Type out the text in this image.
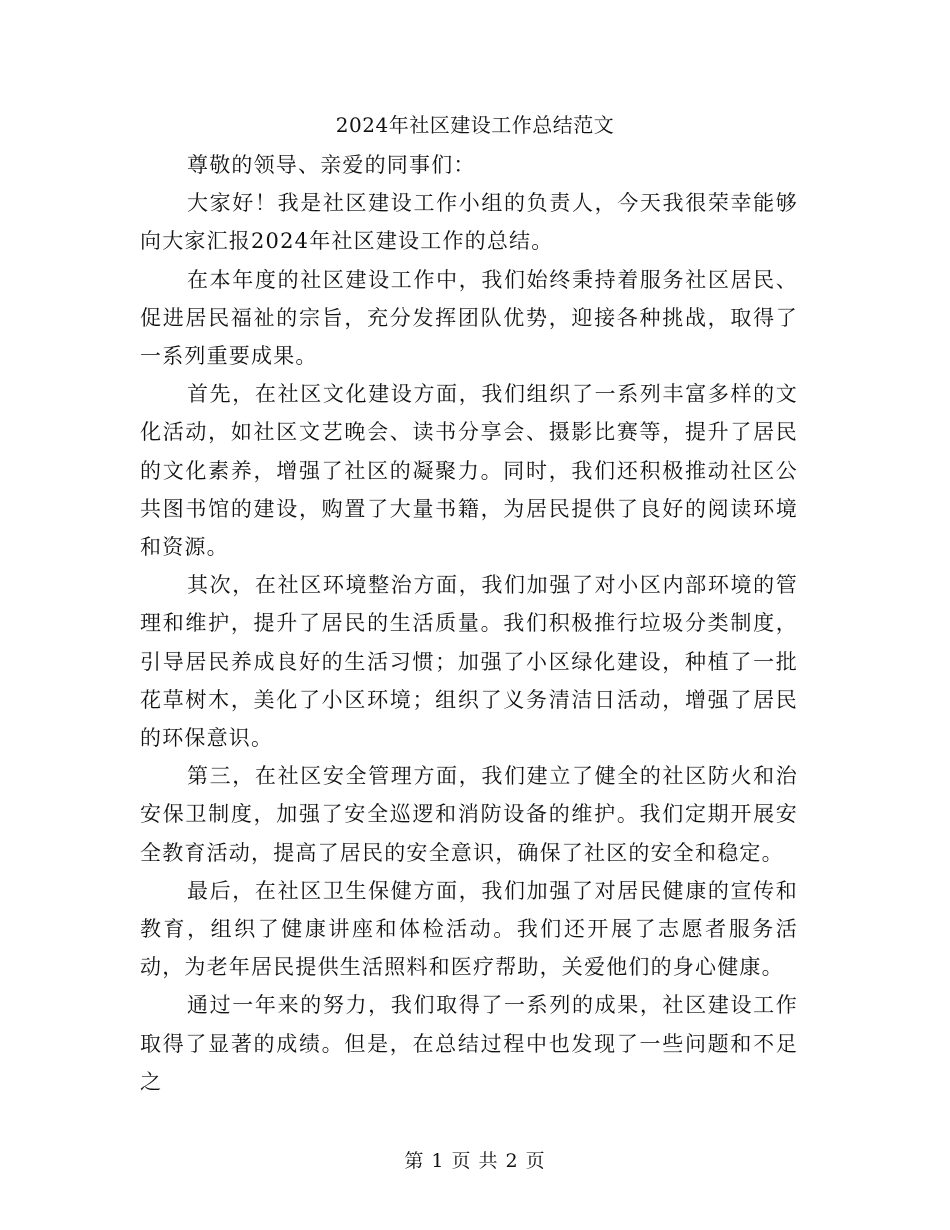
2024年社区建设工作总结范文

尊敬的领导、亲爱的同事们：

大家好！我是社区建设工作小组的负责人，今天我很荣幸能够向大家汇报2024年社区建设工作的总结。

在本年度的社区建设工作中，我们始终秉持着服务社区居民、促进居民福祉的宗旨，充分发挥团队优势，迎接各种挑战，取得了一系列重要成果。

首先，在社区文化建设方面，我们组织了一系列丰富多样的文化活动，如社区文艺晚会、读书分享会、摄影比赛等，提升了居民的文化素养，增强了社区的凝聚力。同时，我们还积极推动社区公共图书馆的建设，购置了大量书籍，为居民提供了良好的阅读环境和资源。

其次，在社区环境整治方面，我们加强了对小区内部环境的管理和维护，提升了居民的生活质量。我们积极推行垃圾分类制度，引导居民养成良好的生活习惯；加强了小区绿化建设，种植了一批花草树木，美化了小区环境；组织了义务清洁日活动，增强了居民的环保意识。

第三，在社区安全管理方面，我们建立了健全的社区防火和治安保卫制度，加强了安全巡逻和消防设备的维护。我们定期开展安全教育活动，提高了居民的安全意识，确保了社区的安全和稳定。

最后，在社区卫生保健方面，我们加强了对居民健康的宣传和教育，组织了健康讲座和体检活动。我们还开展了志愿者服务活动，为老年居民提供生活照料和医疗帮助，关爱他们的身心健康。

通过一年来的努力，我们取得了一系列的成果，社区建设工作取得了显著的成绩。但是，在总结过程中也发现了一些问题和不足之

第 1 页 共 2 页
